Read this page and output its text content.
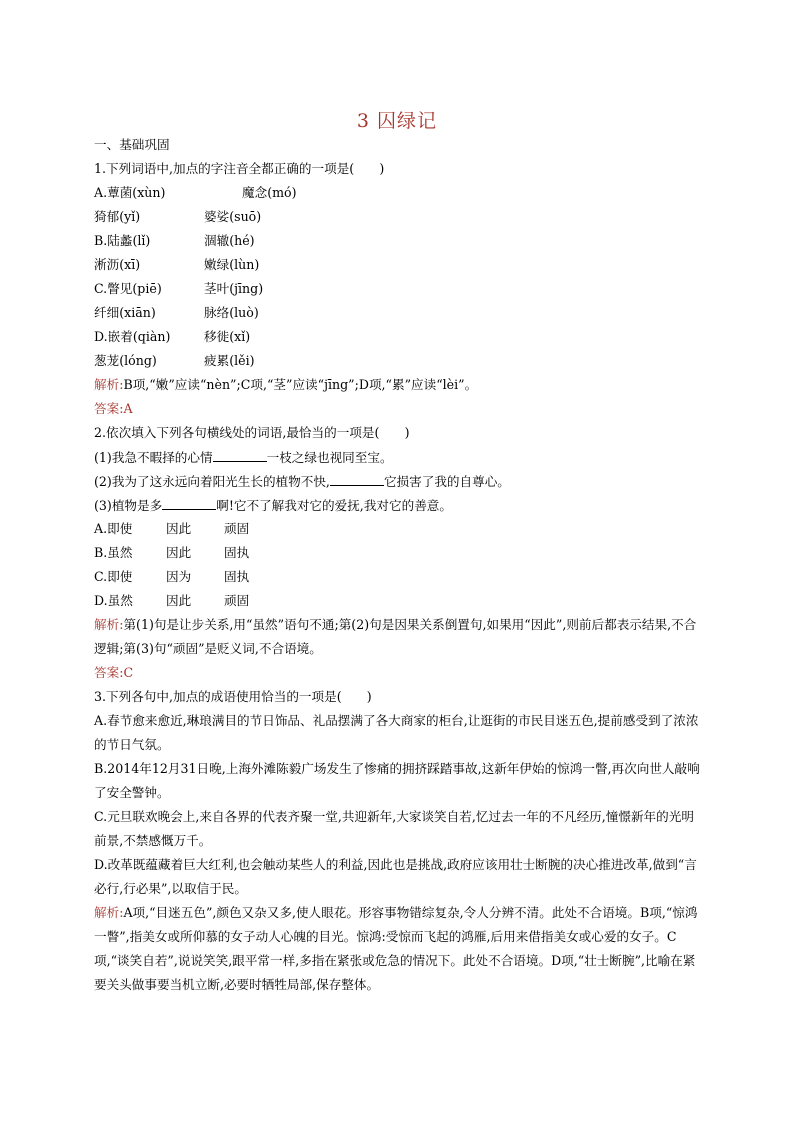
3 囚绿记
一、基础巩固
1.下列词语中,加点的字注音全都正确的一项是(　　)
A.蕈菌(xùn)	魔念(mó)
猗郁(yǐ)	婆娑(suō)
B.陆蠡(lǐ)	涸辙(hé)
淅沥(xī)	嫩绿(lùn)
C.瞥见(piē)	茎叶(jīng)
纤细(xiān)	脉络(luò)
D.嵌着(qiàn)	移徙(xǐ)
葱茏(lóng)	疲累(lěi)
解析:B项,“嫩”应读“nèn”;C项,“茎”应读“jīng”;D项,“累”应读“lèi”。
答案:A
2.依次填入下列各句横线处的词语,最恰当的一项是(　　)
(1)我急不暇择的心情	一枝之绿也视同至宝。
(2)我为了这永远向着阳光生长的植物不快,	它损害了我的自尊心。
(3)植物是多	啊!它不了解我对它的爱抚,我对它的善意。
A.即使	因此	顽固
B.虽然	因此	固执
C.即使	因为	固执
D.虽然	因此	顽固
解析:第(1)句是让步关系,用“虽然”语句不通;第(2)句是因果关系倒置句,如果用“因此”,则前后都表示结果,不合逻辑;第(3)句“顽固”是贬义词,不合语境。
答案:C
3.下列各句中,加点的成语使用恰当的一项是(　　)
A.春节愈来愈近,琳琅满目的节日饰品、礼品摆满了各大商家的柜台,让逛街的市民目迷五色,提前感受到了浓浓的节日气氛。
B.2014年12月31日晚,上海外滩陈毅广场发生了惨痛的拥挤踩踏事故,这新年伊始的惊鸿一瞥,再次向世人敲响了安全警钟。
C.元旦联欢晚会上,来自各界的代表齐聚一堂,共迎新年,大家谈笑自若,忆过去一年的不凡经历,憧憬新年的光明前景,不禁感慨万千。
D.改革既蕴藏着巨大红利,也会触动某些人的利益,因此也是挑战,政府应该用壮士断腕的决心推进改革,做到“言必行,行必果”,以取信于民。
解析:A项,“目迷五色”,颜色又杂又多,使人眼花。形容事物错综复杂,令人分辨不清。此处不合语境。B项,“惊鸿一瞥”,指美女或所仰慕的女子动人心魄的目光。惊鸿:受惊而飞起的鸿雁,后用来借指美女或心爱的女子。C项,“谈笑自若”,说说笑笑,跟平常一样,多指在紧张或危急的情况下。此处不合语境。D项,“壮士断腕”,比喻在紧要关头做事要当机立断,必要时牺牲局部,保存整体。
